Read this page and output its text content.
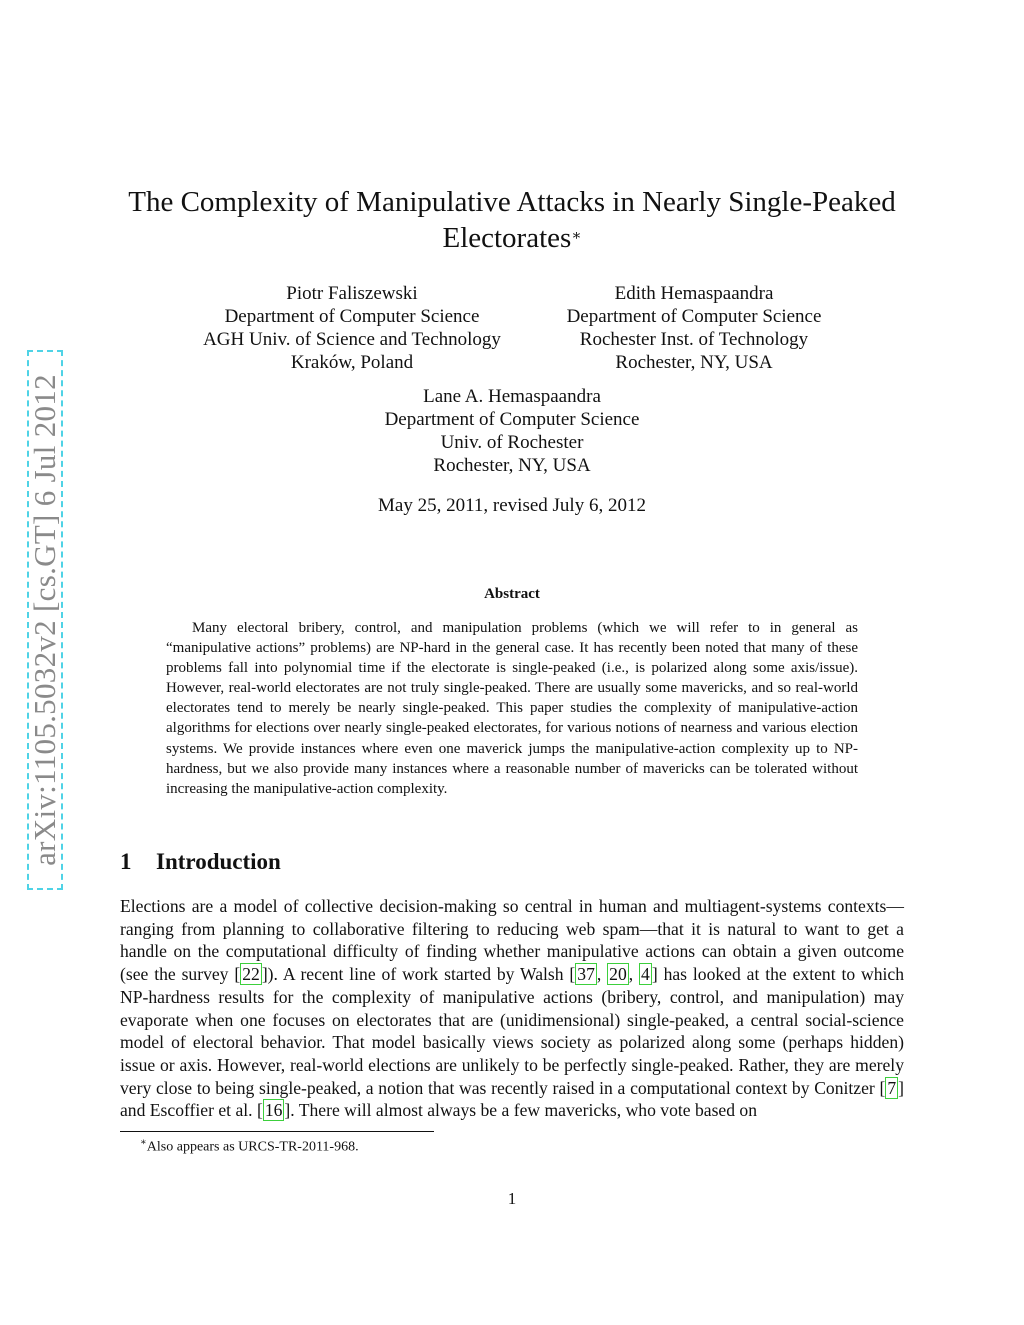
arXiv:1105.5032v2 [cs.GT] 6 Jul 2012
The Complexity of Manipulative Attacks in Nearly Single-Peaked
Electorates∗
Piotr Faliszewski
Department of Computer Science
AGH Univ. of Science and Technology
Kraków, Poland
Edith Hemaspaandra
Department of Computer Science
Rochester Inst. of Technology
Rochester, NY, USA
Lane A. Hemaspaandra
Department of Computer Science
Univ. of Rochester
Rochester, NY, USA
May 25, 2011, revised July 6, 2012
Abstract
Many electoral bribery, control, and manipulation problems (which we will refer to in general as “manipulative actions” problems) are NP-hard in the general case. It has recently been noted that many of these problems fall into polynomial time if the electorate is single-peaked (i.e., is polarized along some axis/issue). However, real-world electorates are not truly single-peaked. There are usually some mavericks, and so real-world electorates tend to merely be nearly single-peaked. This paper studies the complexity of manipulative-action algorithms for elections over nearly single-peaked electorates, for various notions of nearness and various election systems. We provide instances where even one maverick jumps the manipulative-action complexity up to NP-hardness, but we also provide many instances where a reasonable number of mavericks can be tolerated without increasing the manipulative-action complexity.
1 Introduction
Elections are a model of collective decision-making so central in human and multiagent-systems contexts—ranging from planning to collaborative filtering to reducing web spam—that it is natural to want to get a handle on the computational difficulty of finding whether manipulative actions can obtain a given outcome (see the survey [ 22 ]). A recent line of work started by Walsh [ 37 , 20 , 4 ] has looked at the extent to which NP-hardness results for the complexity of manipulative actions (bribery, control, and manipulation) may evaporate when one focuses on electorates that are (unidimensional) single-peaked, a central social-science model of electoral behavior. That model basically views society as polarized along some (perhaps hidden) issue or axis. However, real-world elections are unlikely to be perfectly single-peaked. Rather, they are merely very close to being single-peaked, a notion that was recently raised in a computational context by Conitzer [ 7 ] and Escoffier et al. [ 16 ]. There will almost always be a few mavericks, who vote based on
∗Also appears as URCS-TR-2011-968.
1
